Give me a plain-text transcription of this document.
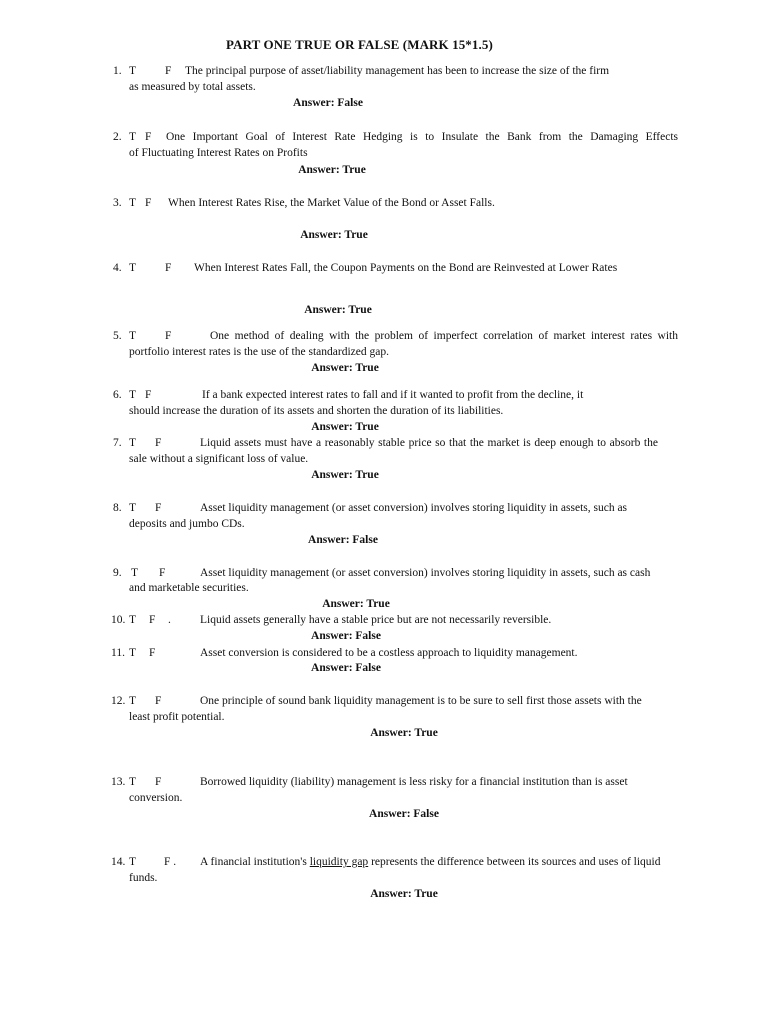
PART ONE TRUE OR FALSE (MARK 15*1.5)
1. T	F The principal purpose of asset/liability management has been to increase the size of the firm
as measured by total assets.
Answer: False
2. T F One Important Goal of Interest Rate Hedging is to Insulate the Bank from the Damaging Effects
of Fluctuating Interest Rates on Profits
Answer: True
3. T F When Interest Rates Rise, the Market Value of the Bond or Asset Falls.
Answer: True
4. T	F When Interest Rates Fall, the Coupon Payments on the Bond are Reinvested at Lower Rates
Answer: True
5. T	F	One method of dealing with the problem of imperfect correlation of market interest rates with
portfolio interest rates is the use of the standardized gap.
Answer: True
6. T F	If a bank expected interest rates to fall and if it wanted to profit from the decline, it
should increase the duration of its assets and shorten the duration of its liabilities.
Answer: True
7. T F	Liquid assets must have a reasonably stable price so that the market is deep enough to absorb the
sale without a significant loss of value.
Answer: True
8. T F	Asset liquidity management (or asset conversion) involves storing liquidity in assets, such as
deposits and jumbo CDs.
Answer: False
9. T F	Asset liquidity management (or asset conversion) involves storing liquidity in assets, such as cash
and marketable securities.
Answer: True
10. T F .	Liquid assets generally have a stable price but are not necessarily reversible.
Answer: False
11. T F	Asset conversion is considered to be a costless approach to liquidity management.
Answer: False
12. T F	One principle of sound bank liquidity management is to be sure to sell first those assets with the
least profit potential.
Answer: True
13. T F	Borrowed liquidity (liability) management is less risky for a financial institution than is asset
conversion.
Answer: False
14. T F . A financial institution's liquidity gap represents the difference between its sources and uses of liquid
funds.
Answer: True
